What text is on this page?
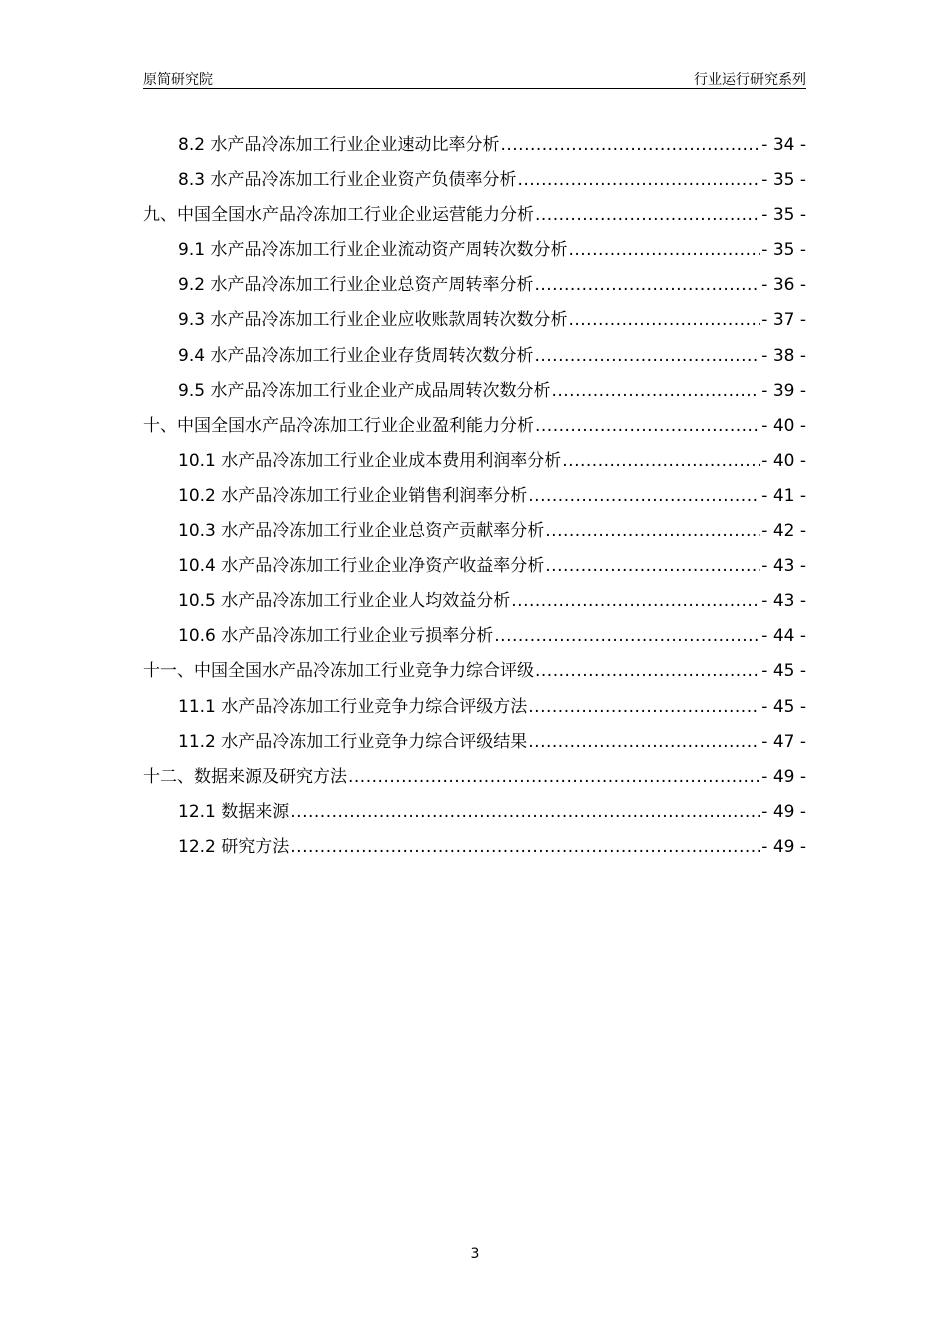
原简研究院	行业运行研究系列
8.2 水产品冷冻加工行业企业速动比率分析 .....	- 34 -
8.3 水产品冷冻加工行业企业资产负债率分析 .....	- 35 -
九、中国全国水产品冷冻加工行业企业运营能力分析 .....	- 35 -
9.1 水产品冷冻加工行业企业流动资产周转次数分析 .....	- 35 -
9.2 水产品冷冻加工行业企业总资产周转率分析 .....	- 36 -
9.3 水产品冷冻加工行业企业应收账款周转次数分析 .....	- 37 -
9.4 水产品冷冻加工行业企业存货周转次数分析 .....	- 38 -
9.5 水产品冷冻加工行业企业产成品周转次数分析 .....	- 39 -
十、中国全国水产品冷冻加工行业企业盈利能力分析 .....	- 40 -
10.1 水产品冷冻加工行业企业成本费用利润率分析 .....	- 40 -
10.2 水产品冷冻加工行业企业销售利润率分析 .....	- 41 -
10.3 水产品冷冻加工行业企业总资产贡献率分析 .....	- 42 -
10.4 水产品冷冻加工行业企业净资产收益率分析 .....	- 43 -
10.5 水产品冷冻加工行业企业人均效益分析 .....	- 43 -
10.6 水产品冷冻加工行业企业亏损率分析 .....	- 44 -
十一、中国全国水产品冷冻加工行业竞争力综合评级 .....	- 45 -
11.1 水产品冷冻加工行业竞争力综合评级方法 .....	- 45 -
11.2 水产品冷冻加工行业竞争力综合评级结果 .....	- 47 -
十二、数据来源及研究方法 .....	- 49 -
12.1 数据来源 .....	- 49 -
12.2 研究方法 .....	- 49 -
3
